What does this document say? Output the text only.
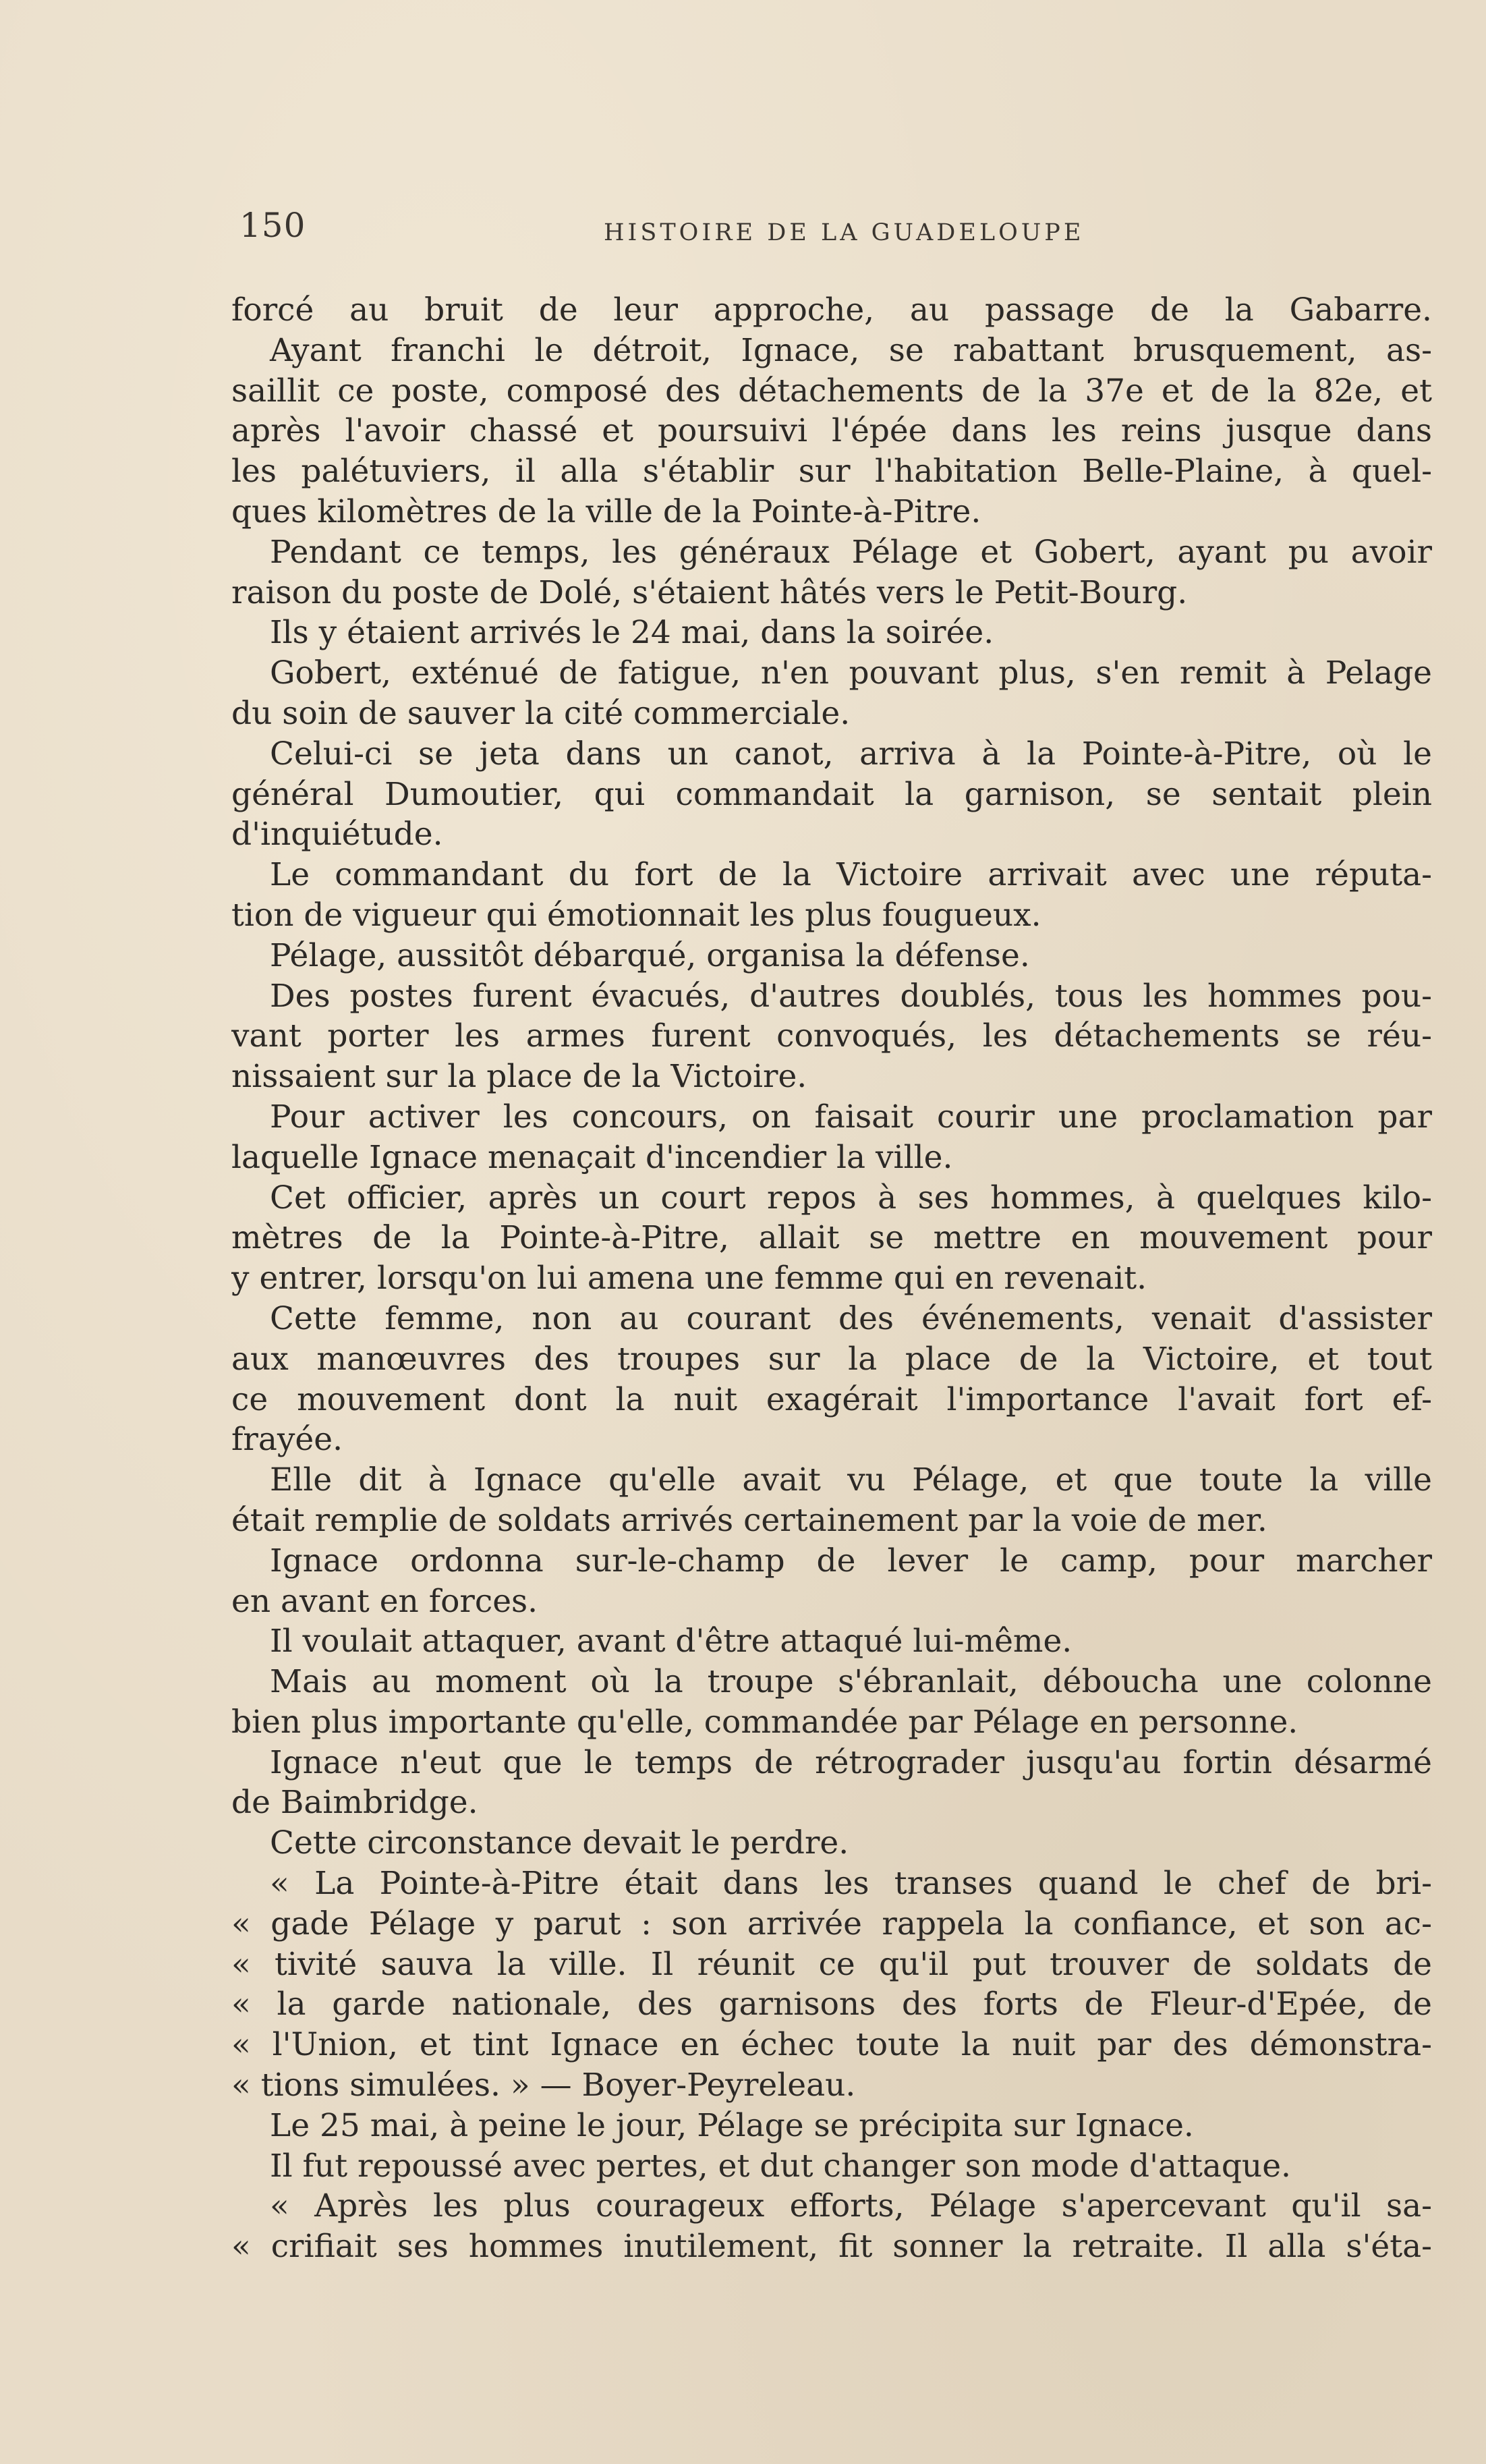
150	HISTOIRE DE LA GUADELOUPE
forcé au bruit de leur approche, au passage de la Gabarre.
Ayant franchi le détroit, Ignace, se rabattant brusquement, as-
saillit ce poste, composé des détachements de la 37e et de la 82e, et
après l'avoir chassé et poursuivi l'épée dans les reins jusque dans
les palétuviers, il alla s'établir sur l'habitation Belle-Plaine, à quel-
ques kilomètres de la ville de la Pointe-à-Pitre.
Pendant ce temps, les généraux Pélage et Gobert, ayant pu avoir
raison du poste de Dolé, s'étaient hâtés vers le Petit-Bourg.
Ils y étaient arrivés le 24 mai, dans la soirée.
Gobert, exténué de fatigue, n'en pouvant plus, s'en remit à Pelage
du soin de sauver la cité commerciale.
Celui-ci se jeta dans un canot, arriva à la Pointe-à-Pitre, où le
général Dumoutier, qui commandait la garnison, se sentait plein
d'inquiétude.
Le commandant du fort de la Victoire arrivait avec une réputa-
tion de vigueur qui émotionnait les plus fougueux.
Pélage, aussitôt débarqué, organisa la défense.
Des postes furent évacués, d'autres doublés, tous les hommes pou-
vant porter les armes furent convoqués, les détachements se réu-
nissaient sur la place de la Victoire.
Pour activer les concours, on faisait courir une proclamation par
laquelle Ignace menaçait d'incendier la ville.
Cet officier, après un court repos à ses hommes, à quelques kilo-
mètres de la Pointe-à-Pitre, allait se mettre en mouvement pour
y entrer, lorsqu'on lui amena une femme qui en revenait.
Cette femme, non au courant des événements, venait d'assister
aux manœuvres des troupes sur la place de la Victoire, et tout
ce mouvement dont la nuit exagérait l'importance l'avait fort ef-
frayée.
Elle dit à Ignace qu'elle avait vu Pélage, et que toute la ville
était remplie de soldats arrivés certainement par la voie de mer.
Ignace ordonna sur-le-champ de lever le camp, pour marcher
en avant en forces.
Il voulait attaquer, avant d'être attaqué lui-même.
Mais au moment où la troupe s'ébranlait, déboucha une colonne
bien plus importante qu'elle, commandée par Pélage en personne.
Ignace n'eut que le temps de rétrograder jusqu'au fortin désarmé
de Baimbridge.
Cette circonstance devait le perdre.
« La Pointe-à-Pitre était dans les transes quand le chef de bri-
« gade Pélage y parut : son arrivée rappela la confiance, et son ac-
« tivité sauva la ville. Il réunit ce qu'il put trouver de soldats de
« la garde nationale, des garnisons des forts de Fleur-d'Epée, de
« l'Union, et tint Ignace en échec toute la nuit par des démonstra-
« tions simulées. » — Boyer-Peyreleau.
Le 25 mai, à peine le jour, Pélage se précipita sur Ignace.
Il fut repoussé avec pertes, et dut changer son mode d'attaque.
« Après les plus courageux efforts, Pélage s'apercevant qu'il sa-
« crifiait ses hommes inutilement, fit sonner la retraite. Il alla s'éta-
